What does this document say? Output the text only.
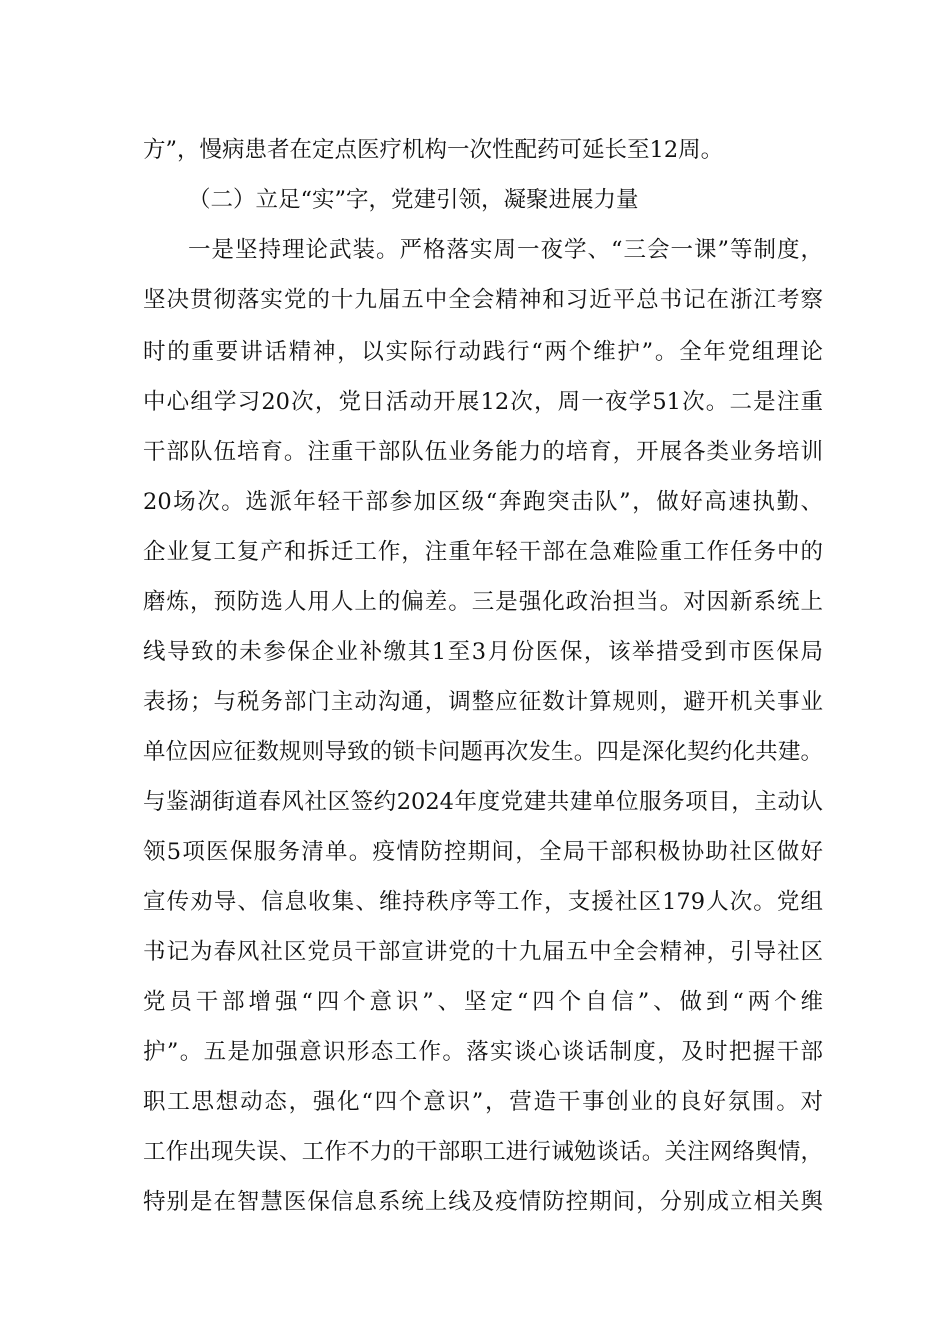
方”，慢病患者在定点医疗机构一次性配药可延长至12周。
（二）立足“实”字，党建引领，凝聚进展力量
一是坚持理论武装。严格落实周一夜学、“三会一课”等制度，
坚决贯彻落实党的十九届五中全会精神和习近平总书记在浙江考察
时的重要讲话精神，以实际行动践行“两个维护”。全年党组理论
中心组学习20次，党日活动开展12次，周一夜学51次。二是注重
干部队伍培育。注重干部队伍业务能力的培育，开展各类业务培训
20场次。选派年轻干部参加区级“奔跑突击队”，做好高速执勤、
企业复工复产和拆迁工作，注重年轻干部在急难险重工作任务中的
磨炼，预防选人用人上的偏差。三是强化政治担当。对因新系统上
线导致的未参保企业补缴其1至3月份医保，该举措受到市医保局
表扬；与税务部门主动沟通，调整应征数计算规则，避开机关事业
单位因应征数规则导致的锁卡问题再次发生。四是深化契约化共建。
与鉴湖街道春风社区签约2024年度党建共建单位服务项目，主动认
领5项医保服务清单。疫情防控期间，全局干部积极协助社区做好
宣传劝导、信息收集、维持秩序等工作，支援社区179人次。党组
书记为春风社区党员干部宣讲党的十九届五中全会精神，引导社区
党员干部增强“四个意识”、坚定“四个自信”、做到“两个维
护”。五是加强意识形态工作。落实谈心谈话制度，及时把握干部
职工思想动态，强化“四个意识”，营造干事创业的良好氛围。对
工作出现失误、工作不力的干部职工进行诫勉谈话。关注网络舆情，
特别是在智慧医保信息系统上线及疫情防控期间，分别成立相关舆
